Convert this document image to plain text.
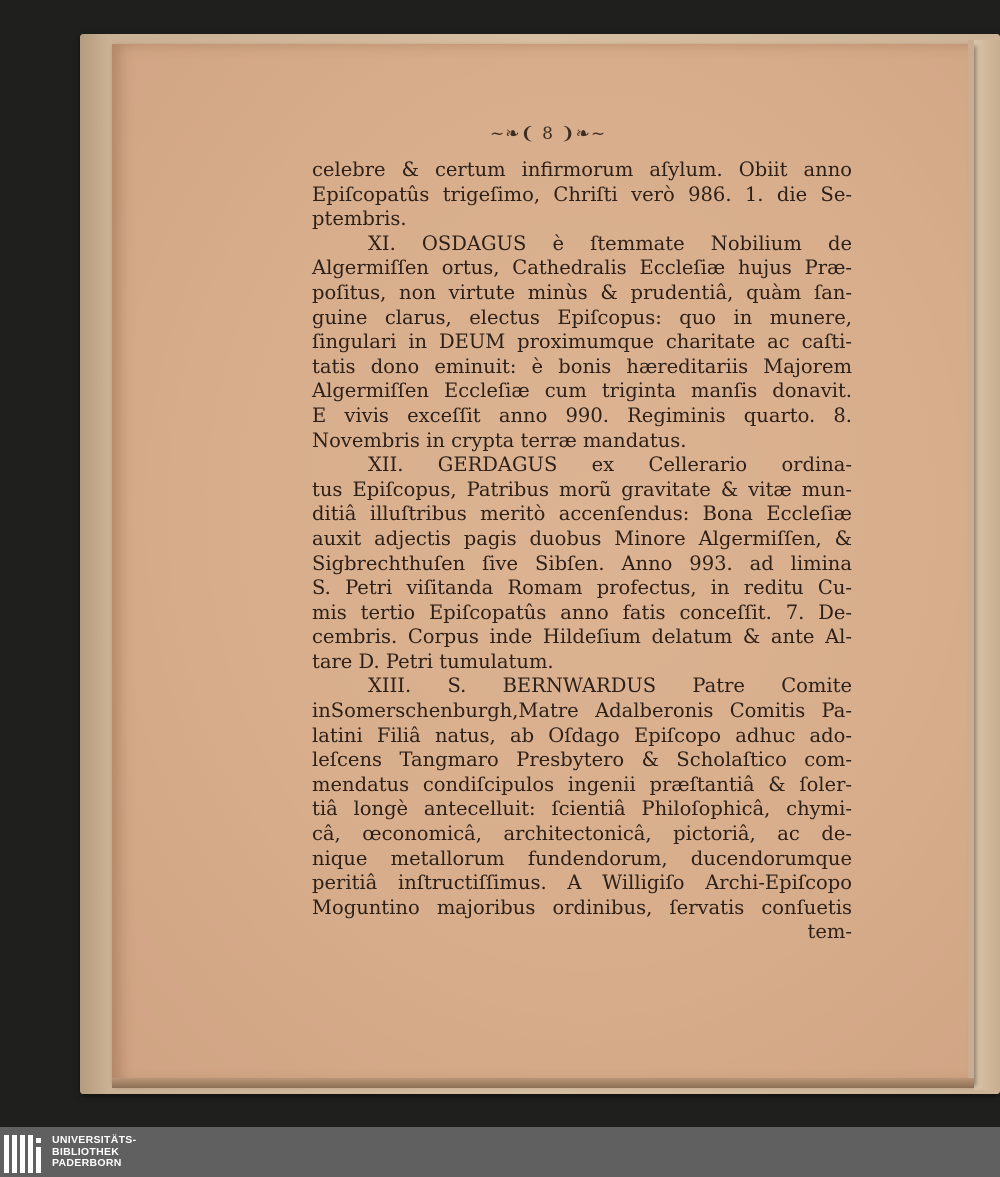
~❧❨ 8 ❩❧~
celebre & certum infirmorum aſylum. Obiit anno
Epiſcopatûs trigeſimo, Chriſti verò 986. 1. die Se-
ptembris.
XI. OSDAGUS è ſtemmate Nobilium de
Algermiſſen ortus, Cathedralis Eccleſiæ hujus Præ-
poſitus, non virtute minùs & prudentiâ, quàm ſan-
guine clarus, electus Epiſcopus: quo in munere,
ſingulari in DEUM proximumque charitate ac caſti-
tatis dono eminuit: è bonis hæreditariis Majorem
Algermiſſen Eccleſiæ cum triginta manſis donavit.
E vivis exceſſit anno 990. Regiminis quarto. 8.
Novembris in crypta terræ mandatus.
XII. GERDAGUS ex Cellerario ordina-
tus Epiſcopus, Patribus morũ gravitate & vitæ mun-
ditiâ illuſtribus meritò accenſendus: Bona Eccleſiæ
auxit adjectis pagis duobus Minore Algermiſſen, &
Sigbrechthuſen ſive Sibſen. Anno 993. ad limina
S. Petri viſitanda Romam profectus, in reditu Cu-
mis tertio Epiſcopatûs anno fatis conceſſit. 7. De-
cembris. Corpus inde Hildeſium delatum & ante Al-
tare D. Petri tumulatum.
XIII. S. BERNWARDUS Patre Comite
inSomerschenburgh,Matre Adalberonis Comitis Pa-
latini Filiâ natus, ab Oſdago Epiſcopo adhuc ado-
leſcens Tangmaro Presbytero & Scholaſtico com-
mendatus condiſcipulos ingenii præſtantiâ & ſoler-
tiâ longè antecelluit: ſcientiâ Philoſophicâ, chymi-
câ, œconomicâ, architectonicâ, pictoriâ, ac de-
nique metallorum fundendorum, ducendorumque
peritiâ inſtructiſſimus. A Willigiſo Archi-Epiſcopo
Moguntino majoribus ordinibus, ſervatis conſuetis
tem-
UNIVERSITÄTS-
BIBLIOTHEK
PADERBORN
